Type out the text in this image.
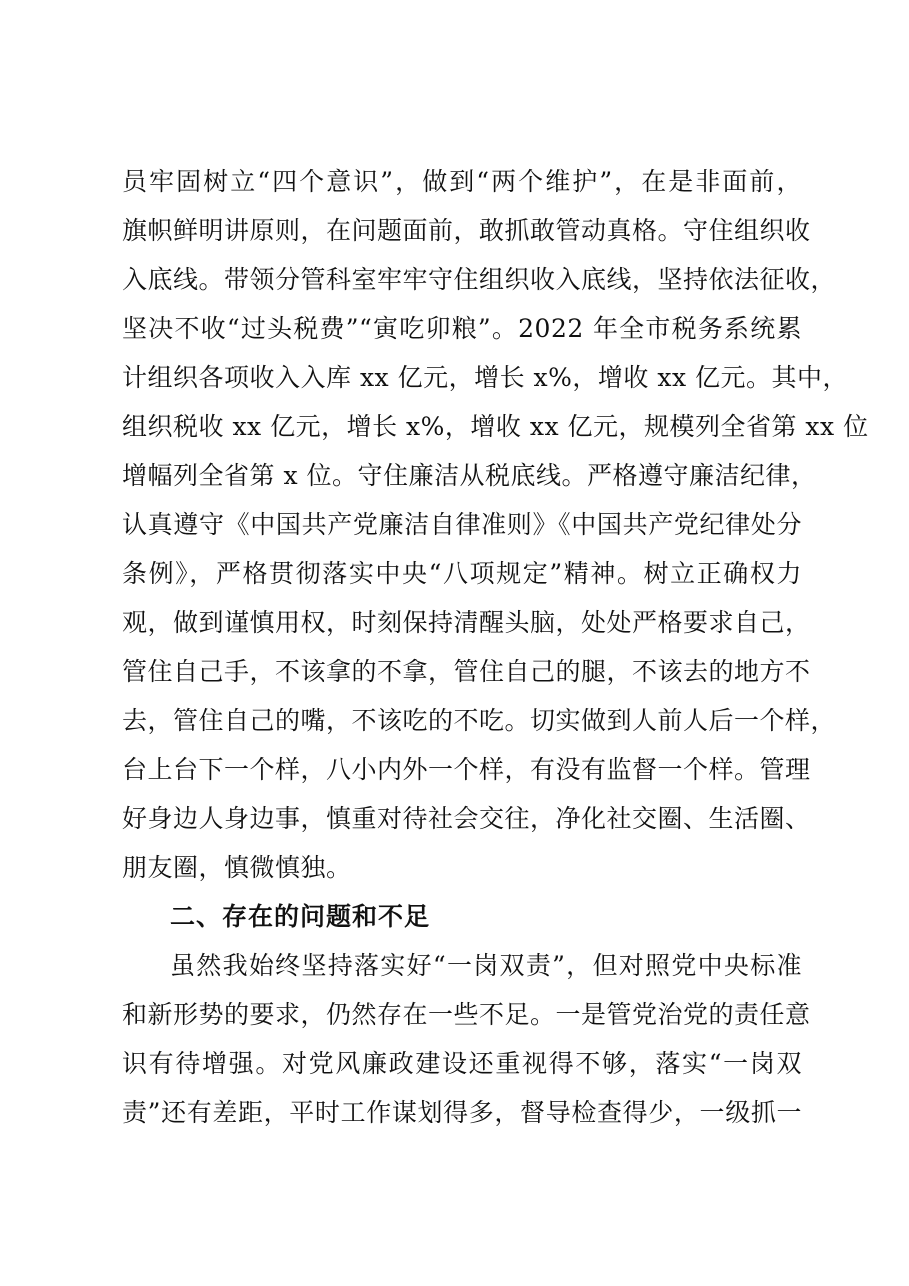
员牢固树立“四个意识”，做到“两个维护”，在是非面前，

旗帜鲜明讲原则，在问题面前，敢抓敢管动真格。守住组织收

入底线。带领分管科室牢牢守住组织收入底线，坚持依法征收，

坚决不收“过头税费”“寅吃卯粮”。2022 年全市税务系统累

计组织各项收入入库 xx 亿元，增长 x%，增收 xx 亿元。其中，

组织税收 xx 亿元，增长 x%，增收 xx 亿元，规模列全省第 xx 位

增幅列全省第 x 位。守住廉洁从税底线。严格遵守廉洁纪律，

认真遵守《中国共产党廉洁自律准则》《中国共产党纪律处分

条例》，严格贯彻落实中央“八项规定”精神。树立正确权力

观，做到谨慎用权，时刻保持清醒头脑，处处严格要求自己，

管住自己手，不该拿的不拿，管住自己的腿，不该去的地方不

去，管住自己的嘴，不该吃的不吃。切实做到人前人后一个样，

台上台下一个样，八小内外一个样，有没有监督一个样。管理

好身边人身边事，慎重对待社会交往，净化社交圈、生活圈、

朋友圈，慎微慎独。

二、存在的问题和不足

虽然我始终坚持落实好“一岗双责”，但对照党中央标准

和新形势的要求，仍然存在一些不足。一是管党治党的责任意

识有待增强。对党风廉政建设还重视得不够，落实“一岗双

责”还有差距，平时工作谋划得多，督导检查得少，一级抓一
